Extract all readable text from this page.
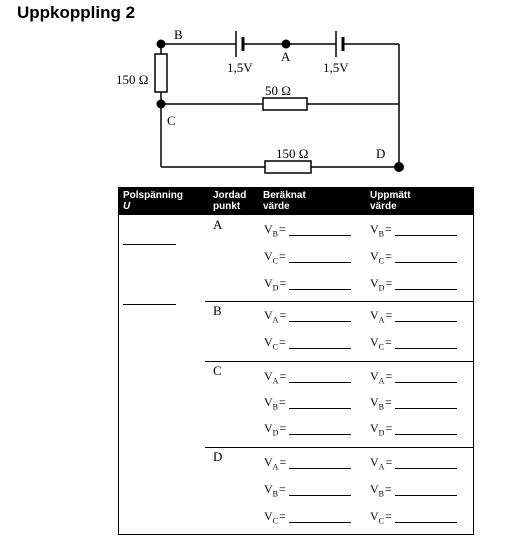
Uppkoppling 2
B
A
C
D
1,5V	1,5V
150 Ω
50 Ω
150 Ω
Polspänning
U
Jordad
punkt
Beräknat
värde
Uppmätt
värde
A	$V_B$ =	$V_B$ =
$V_C$ =	$V_C$ =
$V_D$ =	$V_D$ =
B	$V_A$ =	$V_A$ =
$V_C$ =	$V_C$ =
C	$V_A$ =	$V_A$ =
$V_B$ =	$V_B$ =
$V_D$ =	$V_D$ =
D	$V_A$ =	$V_A$ =
$V_B$ =	$V_B$ =
$V_C$ =	$V_C$ =
